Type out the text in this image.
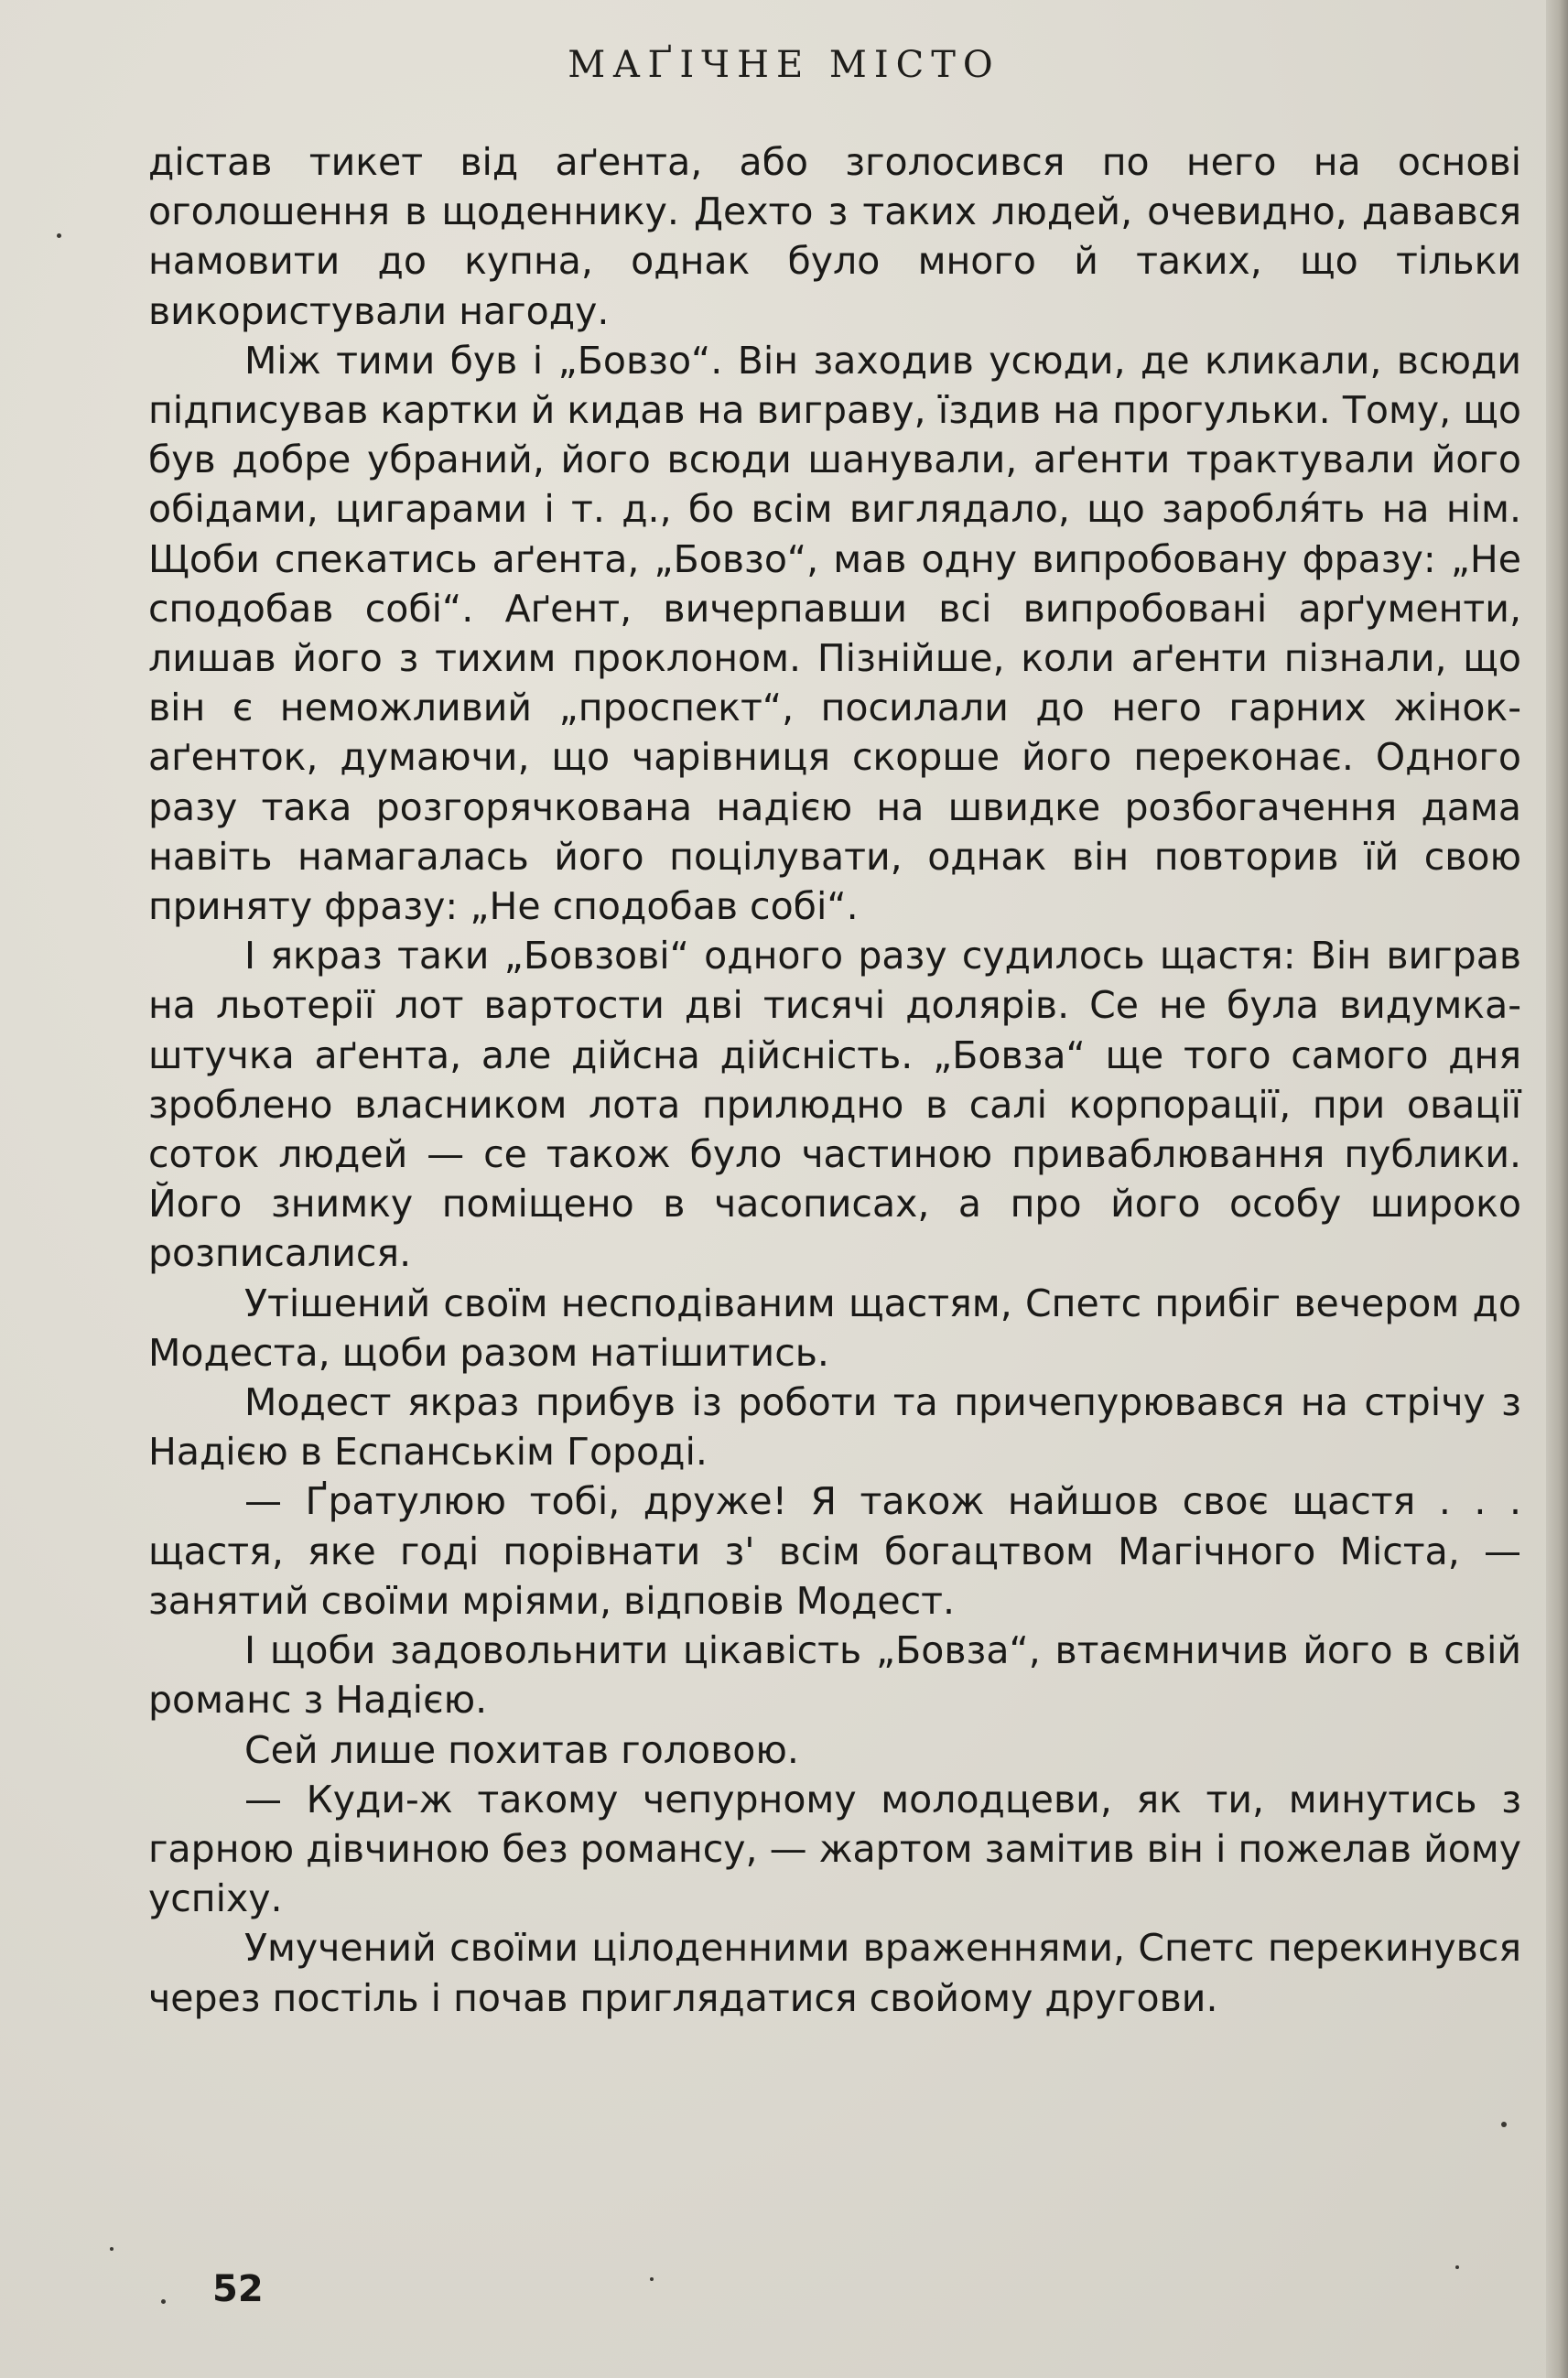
МАҐІЧНЕ МІСТО

дістав тикет від аґента, або зголосився по него на основі оголошення в щоденнику. Дехто з таких людей, очевидно, давався намовити до купна, однак було много й таких, що тільки використували нагоду.

Між тими був і „Бовзо“. Він заходив усюди, де кликали, всюди підписував картки й кидав на виграву, їздив на прогульки. Тому, що був добре убраний, його всюди шанували, аґенти трактували його обідами, цигарами і т. д., бо всім виглядало, що заробля́ть на нім. Щоби спекатись аґента, „Бовзо“, мав одну випробовану фразу: „Не сподобав собі“. Аґент, вичерпавши всі випробовані арґументи, лишав його з тихим проклоном. Пізнійше, коли аґенти пізнали, що він є неможливий „проспект“, посилали до него гарних жінок-аґенток, думаючи, що чарівниця скорше його переконає. Одного разу така розгорячкована надією на швидке розбогачення дама навіть намагалась його поцілувати, однак він повторив їй свою приняту фразу: „Не сподобав собі“.

І якраз таки „Бовзові“ одного разу судилось щастя: Він виграв на льотерії лот вартости дві тисячі долярів. Се не була видумка-штучка аґента, але дійсна дійсність. „Бовза“ ще того самого дня зроблено власником лота прилюдно в салі корпорації, при овації соток людей — се також було частиною приваблювання публики. Його знимку поміщено в часописах, а про його особу широко розписалися.

Утішений своїм несподіваним щастям, Спетс прибіг вечером до Модеста, щоби разом натішитись.

Модест якраз прибув із роботи та причепурювався на стрічу з Надією в Еспанськім Городі.

— Ґратулюю тобі, друже! Я також найшов своє щастя . . . щастя, яке годі порівнати з' всім богацтвом Магічного Міста, — занятий своїми мріями, відповів Модест.

І щоби задовольнити цікавість „Бовза“, втаємничив його в свій романс з Надією.

Сей лише похитав головою.

— Куди-ж такому чепурному молодцеви, як ти, минутись з гарною дівчиною без романсу, — жартом замітив він і пожелав йому успіху.

Умучений своїми цілоденними враженнями, Спетс перекинувся через постіль і почав приглядатися свойому другови.

52
